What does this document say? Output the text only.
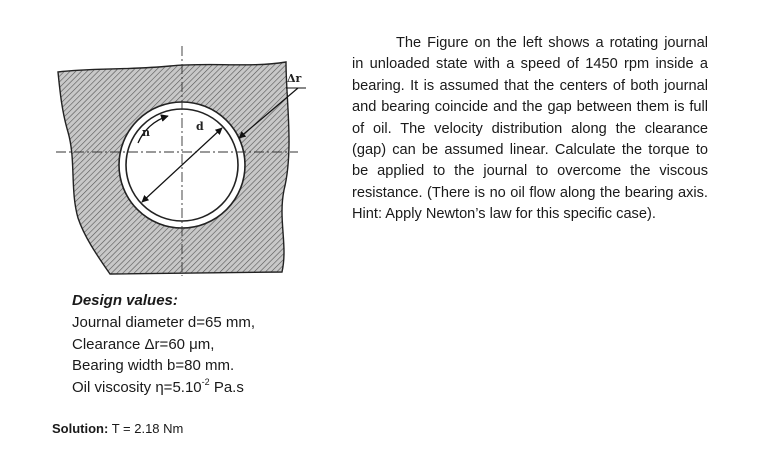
n	d
Δr

The Figure on the left shows a rotating journal in unloaded state with a speed of 1450 rpm inside a bearing. It is assumed that the centers of both journal and bearing coincide and the gap between them is full of oil. The velocity distribution along the clearance (gap) can be assumed linear. Calculate the torque to be applied to the journal to overcome the viscous resistance. (There is no oil flow along the bearing axis. Hint: Apply Newton’s law for this specific case).

Design values:

Journal diameter d=65 mm,

Clearance Δr=60 μm,

Bearing width b=80 mm.

Oil viscosity $\eta=5.10^{-2}$ Pa.s

Solution: T = 2.18 Nm
